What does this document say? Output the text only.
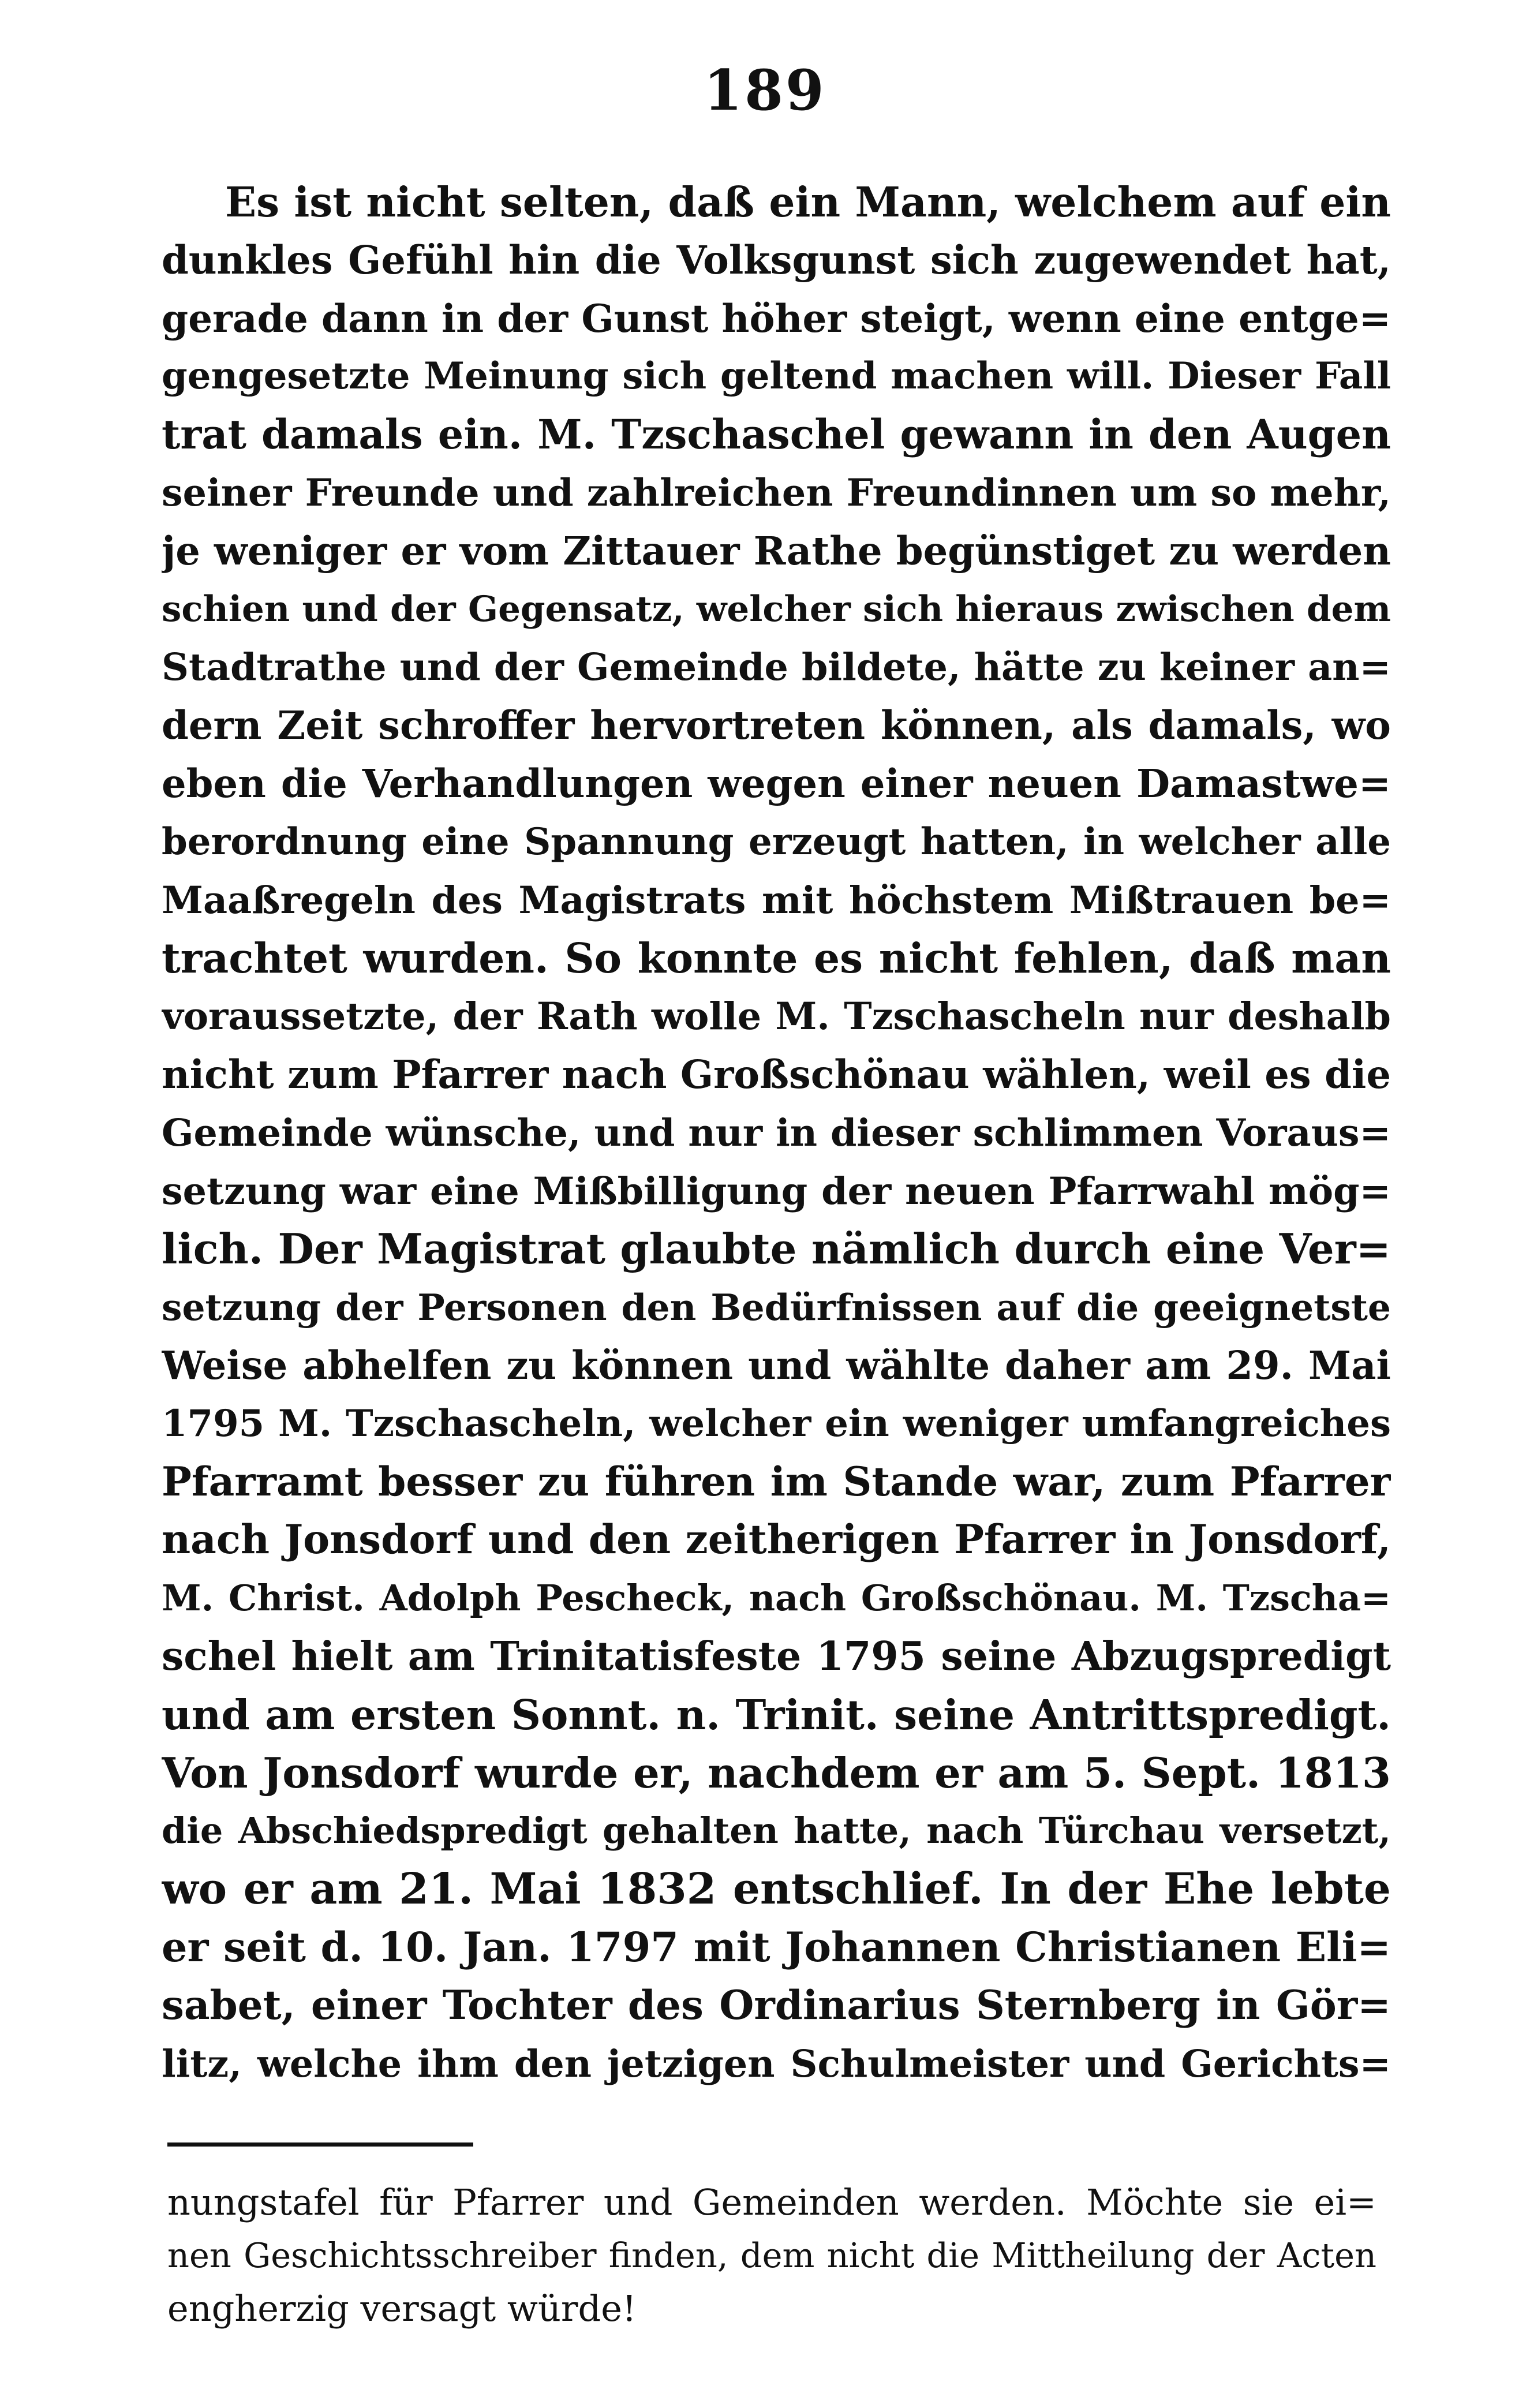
189
Es ist nicht selten, daß ein Mann, welchem auf ein
dunkles Gefühl hin die Volksgunst sich zugewendet hat,
gerade dann in der Gunst höher steigt, wenn eine entge=
gengesetzte Meinung sich geltend machen will. Dieser Fall
trat damals ein. M. Tzschaschel gewann in den Augen
seiner Freunde und zahlreichen Freundinnen um so mehr,
je weniger er vom Zittauer Rathe begünstiget zu werden
schien und der Gegensatz, welcher sich hieraus zwischen dem
Stadtrathe und der Gemeinde bildete, hätte zu keiner an=
dern Zeit schroffer hervortreten können, als damals, wo
eben die Verhandlungen wegen einer neuen Damastwe=
berordnung eine Spannung erzeugt hatten, in welcher alle
Maaßregeln des Magistrats mit höchstem Mißtrauen be=
trachtet wurden. So konnte es nicht fehlen, daß man
voraussetzte, der Rath wolle M. Tzschascheln nur deshalb
nicht zum Pfarrer nach Großschönau wählen, weil es die
Gemeinde wünsche, und nur in dieser schlimmen Voraus=
setzung war eine Mißbilligung der neuen Pfarrwahl mög=
lich. Der Magistrat glaubte nämlich durch eine Ver=
setzung der Personen den Bedürfnissen auf die geeignetste
Weise abhelfen zu können und wählte daher am 29. Mai
1795 M. Tzschascheln, welcher ein weniger umfangreiches
Pfarramt besser zu führen im Stande war, zum Pfarrer
nach Jonsdorf und den zeitherigen Pfarrer in Jonsdorf,
M. Christ. Adolph Pescheck, nach Großschönau. M. Tzscha=
schel hielt am Trinitatisfeste 1795 seine Abzugspredigt
und am ersten Sonnt. n. Trinit. seine Antrittspredigt.
Von Jonsdorf wurde er, nachdem er am 5. Sept. 1813
die Abschiedspredigt gehalten hatte, nach Türchau versetzt,
wo er am 21. Mai 1832 entschlief. In der Ehe lebte
er seit d. 10. Jan. 1797 mit Johannen Christianen Eli=
sabet, einer Tochter des Ordinarius Sternberg in Gör=
litz, welche ihm den jetzigen Schulmeister und Gerichts=
nungstafel für Pfarrer und Gemeinden werden. Möchte sie ei=
nen Geschichtsschreiber finden, dem nicht die Mittheilung der Acten
engherzig versagt würde!
